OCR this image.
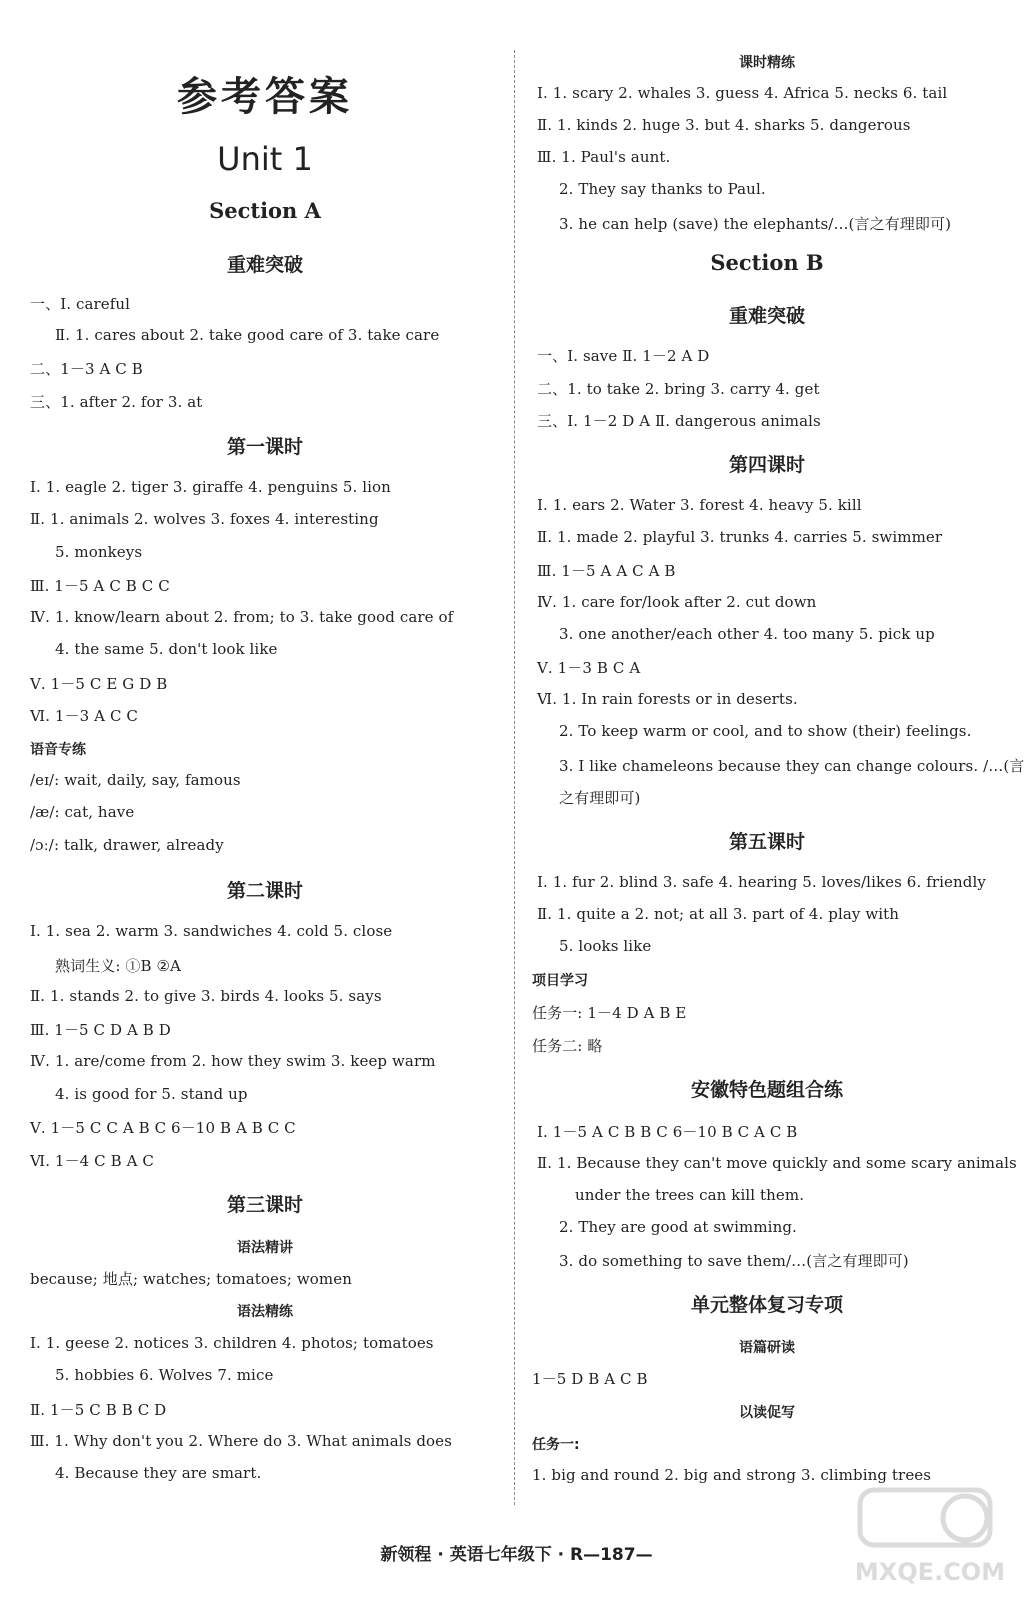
参考答案
Unit 1
Section A
重难突破
一、Ⅰ. careful
Ⅱ. 1. cares about 2. take good care of 3. take care
二、1－3 A C B
三、1. after 2. for 3. at
第一课时
Ⅰ. 1. eagle 2. tiger 3. giraffe 4. penguins 5. lion
Ⅱ. 1. animals 2. wolves 3. foxes 4. interesting
5. monkeys
Ⅲ. 1－5 A C B C C
Ⅳ. 1. know/learn about 2. from; to 3. take good care of
4. the same 5. don't look like
Ⅴ. 1－5 C E G D B
Ⅵ. 1－3 A C C
语音专练
/eɪ/: wait, daily, say, famous
/æ/: cat, have
/ɔː/: talk, drawer, already
第二课时
Ⅰ. 1. sea 2. warm 3. sandwiches 4. cold 5. close
熟词生义: ①B ②A
Ⅱ. 1. stands 2. to give 3. birds 4. looks 5. says
Ⅲ. 1－5 C D A B D
Ⅳ. 1. are/come from 2. how they swim 3. keep warm
4. is good for 5. stand up
Ⅴ. 1－5 C C A B C 6－10 B A B C C
Ⅵ. 1－4 C B A C
第三课时
语法精讲
because; 地点; watches; tomatoes; women
语法精练
Ⅰ. 1. geese 2. notices 3. children 4. photos; tomatoes
5. hobbies 6. Wolves 7. mice
Ⅱ. 1－5 C B B C D
Ⅲ. 1. Why don't you 2. Where do 3. What animals does
4. Because they are smart.
课时精练
Ⅰ. 1. scary 2. whales 3. guess 4. Africa 5. necks 6. tail
Ⅱ. 1. kinds 2. huge 3. but 4. sharks 5. dangerous
Ⅲ. 1. Paul's aunt.
2. They say thanks to Paul.
3. he can help (save) the elephants/…(言之有理即可)
Section B
重难突破
一、Ⅰ. save Ⅱ. 1－2 A D
二、1. to take 2. bring 3. carry 4. get
三、Ⅰ. 1－2 D A Ⅱ. dangerous animals
第四课时
Ⅰ. 1. ears 2. Water 3. forest 4. heavy 5. kill
Ⅱ. 1. made 2. playful 3. trunks 4. carries 5. swimmer
Ⅲ. 1－5 A A C A B
Ⅳ. 1. care for/look after 2. cut down
3. one another/each other 4. too many 5. pick up
Ⅴ. 1－3 B C A
Ⅵ. 1. In rain forests or in deserts.
2. To keep warm or cool, and to show (their) feelings.
3. I like chameleons because they can change colours. /…(言
之有理即可)
第五课时
Ⅰ. 1. fur 2. blind 3. safe 4. hearing 5. loves/likes 6. friendly
Ⅱ. 1. quite a 2. not; at all 3. part of 4. play with
5. looks like
项目学习
任务一: 1－4 D A B E
任务二: 略
安徽特色题组合练
Ⅰ. 1－5 A C B B C 6－10 B C A C B
Ⅱ. 1. Because they can't move quickly and some scary animals
under the trees can kill them.
2. They are good at swimming.
3. do something to save them/…(言之有理即可)
单元整体复习专项
语篇研读
1－5 D B A C B
以读促写
任务一:
1. big and round 2. big and strong 3. climbing trees
新领程 · 英语七年级下 · R—187—
MXQE.COM
